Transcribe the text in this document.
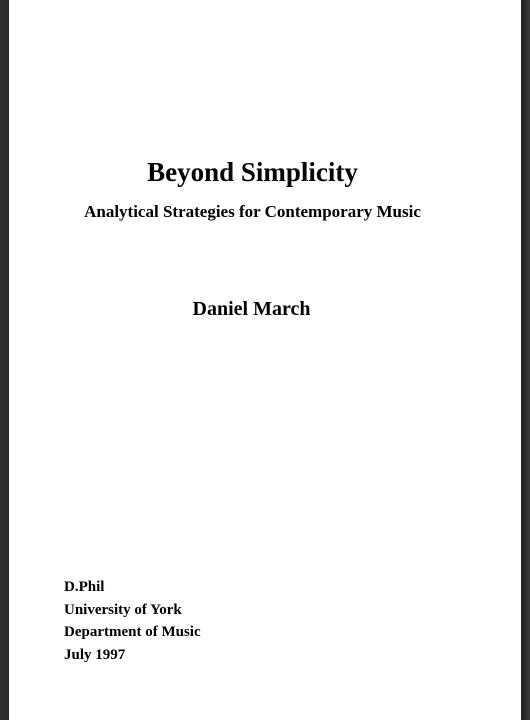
Beyond Simplicity
Analytical Strategies for Contemporary Music
Daniel March
D.Phil
University of York
Department of Music
July 1997
